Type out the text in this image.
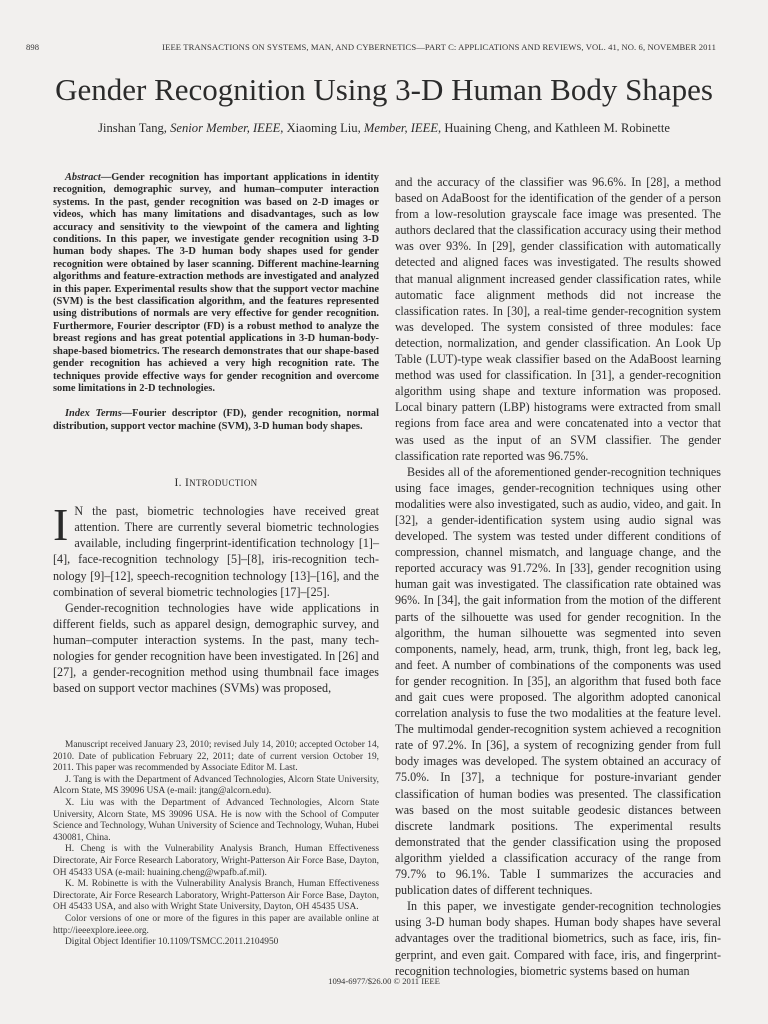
898	IEEE TRANSACTIONS ON SYSTEMS, MAN, AND CYBERNETICS—PART C: APPLICATIONS AND REVIEWS, VOL. 41, NO. 6, NOVEMBER 2011
Gender Recognition Using 3-D Human Body Shapes
Jinshan Tang, Senior Member, IEEE, Xiaoming Liu, Member, IEEE, Huaining Cheng, and Kathleen M. Robinette

Abstract—Gender recognition has important applications in identity recognition, demographic survey, and human–computer interaction systems. In the past, gender recognition was based on 2-D images or videos, which has many limitations and disadvantages, such as low accuracy and sensitivity to the viewpoint of the camera and lighting conditions. In this paper, we investigate gender recognition using 3-D human body shapes. The 3-D human body shapes used for gender recognition were obtained by laser scanning. Different machine-learning algorithms and feature-extraction methods are investigated and analyzed in this paper. Experimental results show that the support vector machine (SVM) is the best classification algorithm, and the features represented using distributions of normals are very effective for gender recognition. Furthermore, Fourier descriptor (FD) is a robust method to analyze the breast regions and has great potential applications in 3-D human-body-shape-based biometrics. The research demonstrates that our shape-based gender recognition has achieved a very high recognition rate. The techniques provide effective ways for gender recognition and overcome some limitations in 2-D technologies.

Index Terms—Fourier descriptor (FD), gender recognition, normal distribution, support vector machine (SVM), 3-D human body shapes.

I. INTRODUCTION

I N the past, biometric technologies have received great attention. There are currently several biometric technologies available, including fingerprint-identification technology [1]–[4], face-recognition technology [5]–[8], iris-recognition technology [9]–[12], speech-recognition technology [13]–[16], and the combination of several biometric technologies [17]–[25].

Gender-recognition technologies have wide applications in different fields, such as apparel design, demographic survey, and human–computer interaction systems. In the past, many technologies for gender recognition have been investigated. In [26] and [27], a gender-recognition method using thumbnail face images based on support vector machines (SVMs) was proposed,

Manuscript received January 23, 2010; revised July 14, 2010; accepted October 14, 2010. Date of publication February 22, 2011; date of current version October 19, 2011. This paper was recommended by Associate Editor M. Last.

J. Tang is with the Department of Advanced Technologies, Alcorn State University, Alcorn State, MS 39096 USA (e-mail: jtang@alcorn.edu).

X. Liu was with the Department of Advanced Technologies, Alcorn State University, Alcorn State, MS 39096 USA. He is now with the School of Computer Science and Technology, Wuhan University of Science and Technology, Wuhan, Hubei 430081, China.

H. Cheng is with the Vulnerability Analysis Branch, Human Effectiveness Directorate, Air Force Research Laboratory, Wright-Patterson Air Force Base, Dayton, OH 45433 USA (e-mail: huaining.cheng@wpafb.af.mil).

K. M. Robinette is with the Vulnerability Analysis Branch, Human Effectiveness Directorate, Air Force Research Laboratory, Wright-Patterson Air Force Base, Dayton, OH 45433 USA, and also with Wright State University, Dayton, OH 45435 USA.

Color versions of one or more of the figures in this paper are available online at http://ieeexplore.ieee.org.

Digital Object Identifier 10.1109/TSMCC.2011.2104950

and the accuracy of the classifier was 96.6%. In [28], a method based on AdaBoost for the identification of the gender of a person from a low-resolution grayscale face image was presented. The authors declared that the classification accuracy using their method was over 93%. In [29], gender classification with automatically detected and aligned faces was investigated. The results showed that manual alignment increased gender classification rates, while automatic face alignment methods did not increase the classification rates. In [30], a real-time gender-recognition system was developed. The system consisted of three modules: face detection, normalization, and gender classification. An Look Up Table (LUT)-type weak classifier based on the AdaBoost learning method was used for classification. In [31], a gender-recognition algorithm using shape and texture information was proposed. Local binary pattern (LBP) histograms were extracted from small regions from face area and were concatenated into a vector that was used as the input of an SVM classifier. The gender classification rate reported was 96.75%.

Besides all of the aforementioned gender-recognition techniques using face images, gender-recognition techniques using other modalities were also investigated, such as audio, video, and gait. In [32], a gender-identification system using audio signal was developed. The system was tested under different conditions of compression, channel mismatch, and language change, and the reported accuracy was 91.72%. In [33], gender recognition using human gait was investigated. The classification rate obtained was 96%. In [34], the gait information from the motion of the different parts of the silhouette was used for gender recognition. In the algorithm, the human silhouette was segmented into seven components, namely, head, arm, trunk, thigh, front leg, back leg, and feet. A number of combinations of the components was used for gender recognition. In [35], an algorithm that fused both face and gait cues were proposed. The algorithm adopted canonical correlation analysis to fuse the two modalities at the feature level. The multimodal gender-recognition system achieved a recognition rate of 97.2%. In [36], a system of recognizing gender from full body images was developed. The system obtained an accuracy of 75.0%. In [37], a technique for posture-invariant gender classification of human bodies was presented. The classification was based on the most suitable geodesic distances between discrete landmark positions. The experimental results demonstrated that the gender classification using the proposed algorithm yielded a classification accuracy of the range from 79.7% to 96.1%. Table I summarizes the accuracies and publication dates of different techniques.

In this paper, we investigate gender-recognition technologies using 3-D human body shapes. Human body shapes have several advantages over the traditional biometrics, such as face, iris, fingerprint, and even gait. Compared with face, iris, and fingerprint-recognition technologies, biometric systems based on human

1094-6977/$26.00 © 2011 IEEE
